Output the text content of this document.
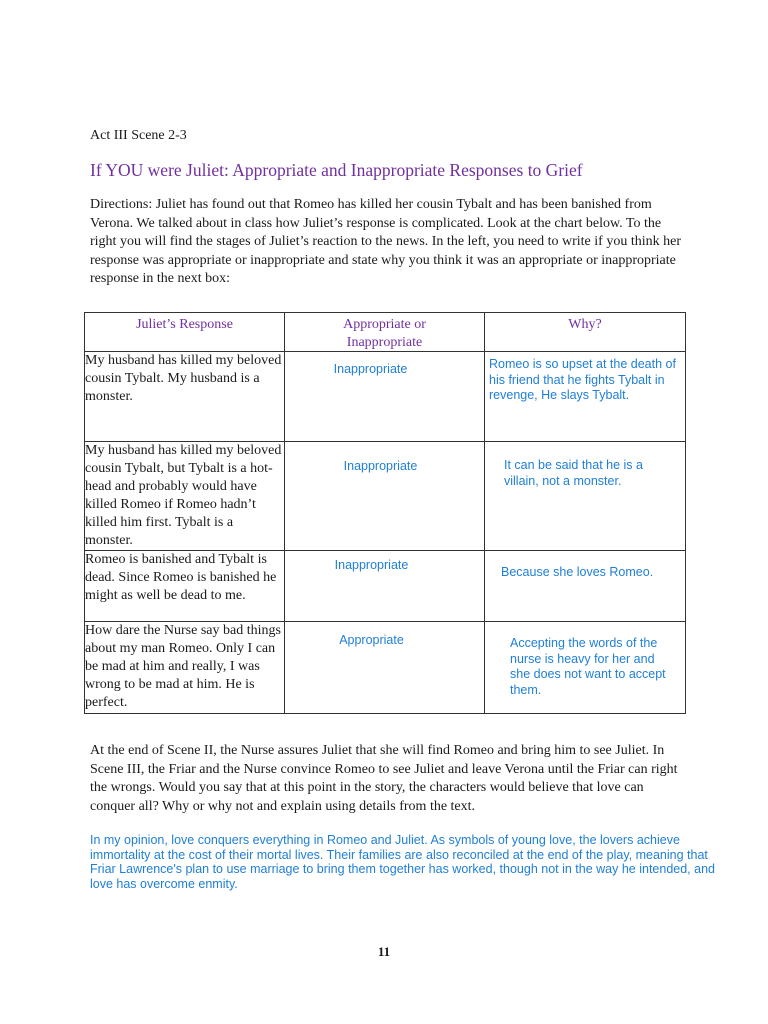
Act III Scene 2-3
If YOU were Juliet: Appropriate and Inappropriate Responses to Grief
Directions: Juliet has found out that Romeo has killed her cousin Tybalt and has been banished from Verona. We talked about in class how Juliet’s response is complicated. Look at the chart below. To the right you will find the stages of Juliet’s reaction to the news. In the left, you need to write if you think her response was appropriate or inappropriate and state why you think it was an appropriate or inappropriate response in the next box:
Juliet’s Response	Appropriate or Inappropriate	Why?
My husband has killed my beloved cousin Tybalt. My husband is a monster.	Inappropriate	Romeo is so upset at the death of his friend that he fights Tybalt in revenge, He slays Tybalt.

My husband has killed my beloved cousin Tybalt, but Tybalt is a hot-head and probably would have killed Romeo if Romeo hadn’t killed him first. Tybalt is a monster.	Inappropriate	It can be said that he is a villain, not a monster.

Romeo is banished and Tybalt is dead. Since Romeo is banished he might as well be dead to me.	Inappropriate	Because she loves Romeo.

How dare the Nurse say bad things about my man Romeo. Only I can be mad at him and really, I was wrong to be mad at him. He is perfect.	Appropriate	Accepting the words of the nurse is heavy for her and she does not want to accept them.
At the end of Scene II, the Nurse assures Juliet that she will find Romeo and bring him to see Juliet. In Scene III, the Friar and the Nurse convince Romeo to see Juliet and leave Verona until the Friar can right the wrongs. Would you say that at this point in the story, the characters would believe that love can conquer all? Why or why not and explain using details from the text.
In my opinion, love conquers everything in Romeo and Juliet. As symbols of young love, the lovers achieve immortality at the cost of their mortal lives. Their families are also reconciled at the end of the play, meaning that Friar Lawrence's plan to use marriage to bring them together has worked, though not in the way he intended, and love has overcome enmity.
11
